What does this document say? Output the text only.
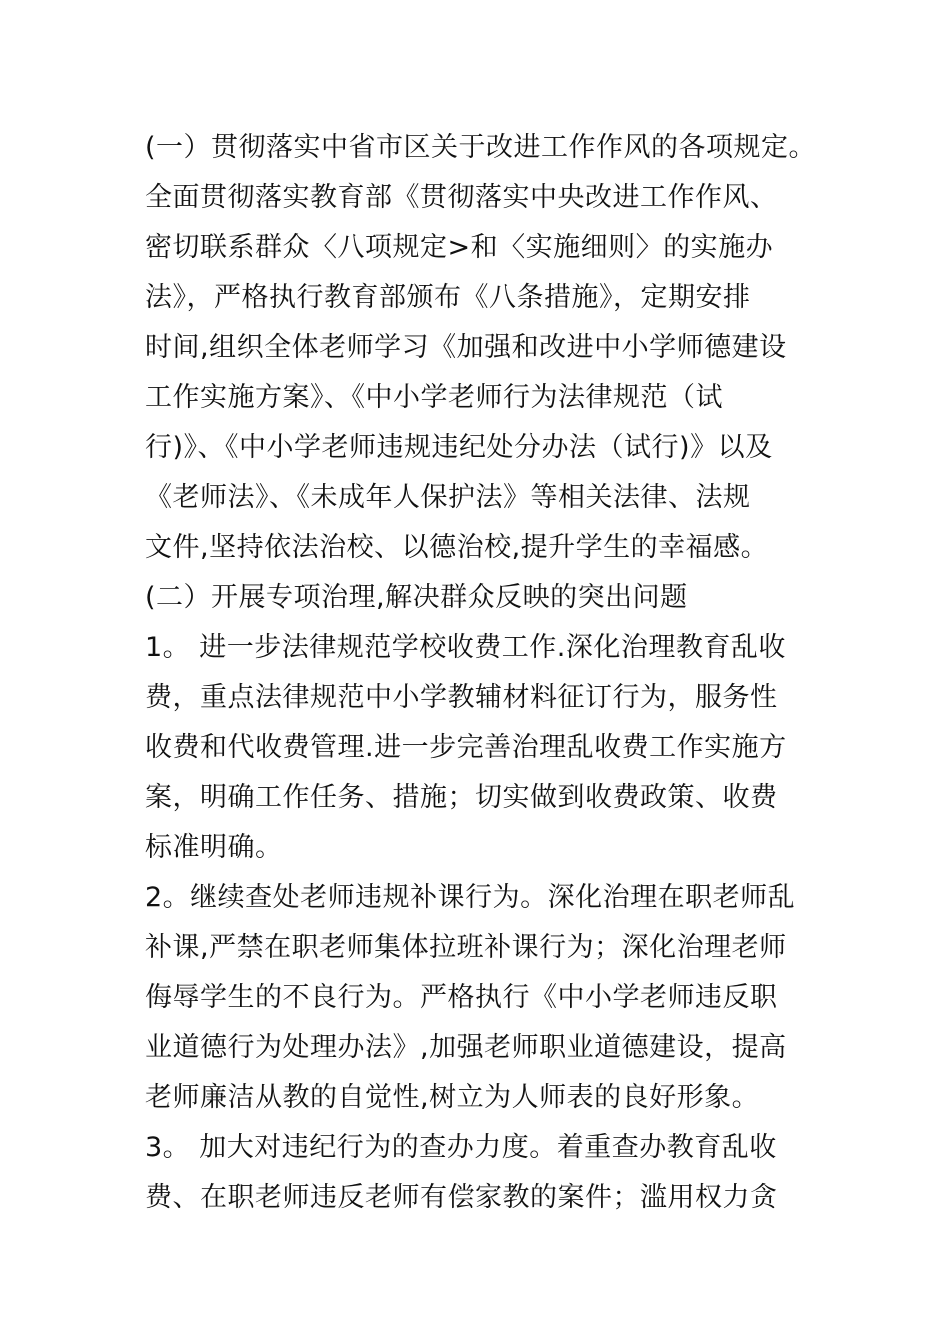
(一）贯彻落实中省市区关于改进工作作风的各项规定。
全面贯彻落实教育部《贯彻落实中央改进工作作风、
密切联系群众〈八项规定>和〈实施细则〉的实施办
法》，严格执行教育部颁布《八条措施》，定期安排
时间,组织全体老师学习《加强和改进中小学师德建设
工作实施方案》、《中小学老师行为法律规范（试
行)》、《中小学老师违规违纪处分办法（试行)》以及
《老师法》、《未成年人保护法》等相关法律、法规
文件,坚持依法治校、以德治校,提升学生的幸福感。
(二）开展专项治理,解决群众反映的突出问题
1。 进一步法律规范学校收费工作.深化治理教育乱收
费，重点法律规范中小学教辅材料征订行为，服务性
收费和代收费管理.进一步完善治理乱收费工作实施方
案，明确工作任务、措施；切实做到收费政策、收费
标准明确。
2。继续查处老师违规补课行为。深化治理在职老师乱
补课,严禁在职老师集体拉班补课行为；深化治理老师
侮辱学生的不良行为。严格执行《中小学老师违反职
业道德行为处理办法》,加强老师职业道德建设，提高
老师廉洁从教的自觉性,树立为人师表的良好形象。
3。 加大对违纪行为的查办力度。着重查办教育乱收
费、在职老师违反老师有偿家教的案件；滥用权力贪
